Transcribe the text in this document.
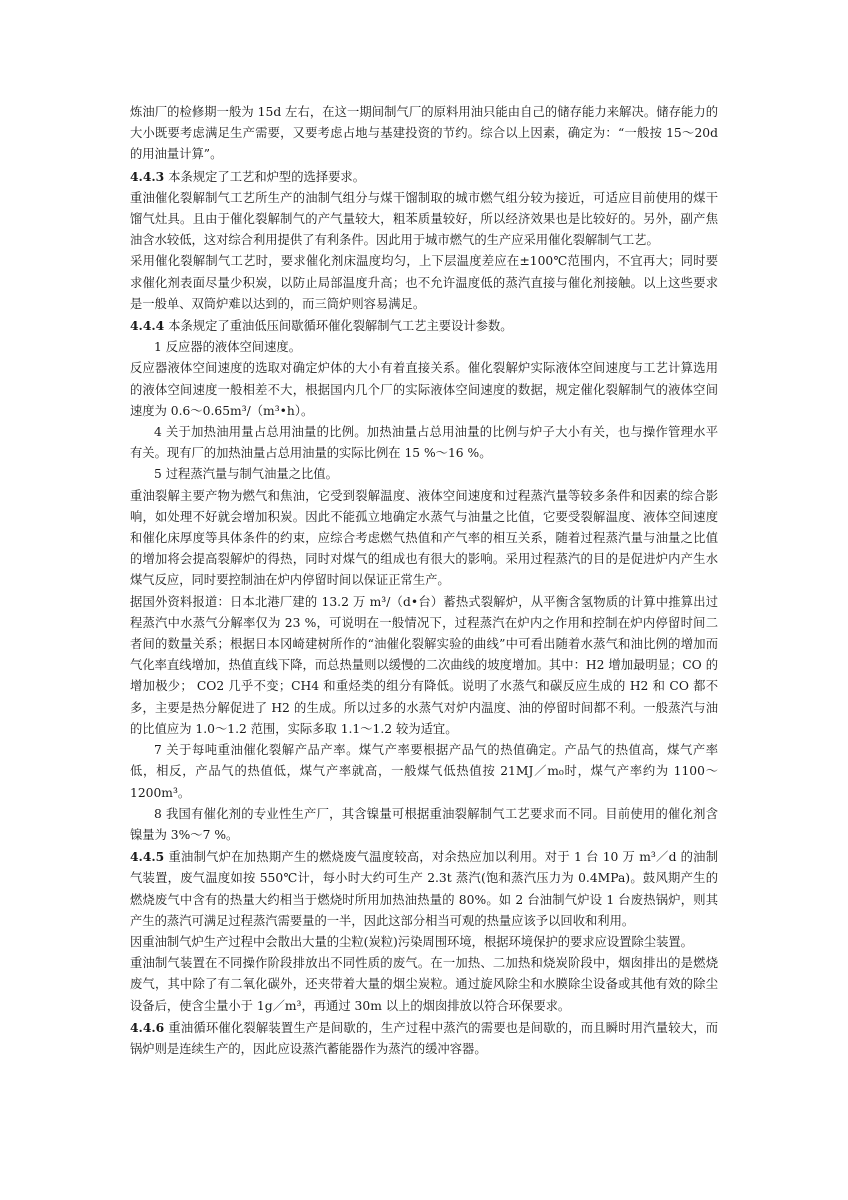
炼油厂的检修期一般为 15d 左右，在这一期间制气厂的原料用油只能由自己的储存能力来解决。储存能力的大小既要考虑满足生产需要，又要考虑占地与基建投资的节约。综合以上因素，确定为：“一般按 15～20d 的用油量计算”。

4.4.3 本条规定了工艺和炉型的选择要求。

重油催化裂解制气工艺所生产的油制气组分与煤干馏制取的城市燃气组分较为接近，可适应目前使用的煤干馏气灶具。且由于催化裂解制气的产气量较大，粗苯质量较好，所以经济效果也是比较好的。另外，副产焦油含水较低，这对综合利用提供了有利条件。因此用于城市燃气的生产应采用催化裂解制气工艺。

采用催化裂解制气工艺时，要求催化剂床温度均匀，上下层温度差应在±100℃范围内，不宜再大；同时要求催化剂表面尽量少积炭，以防止局部温度升高；也不允许温度低的蒸汽直接与催化剂接触。以上这些要求是一般单、双筒炉难以达到的，而三筒炉则容易满足。

4.4.4 本条规定了重油低压间歇循环催化裂解制气工艺主要设计参数。

1 反应器的液体空间速度。

反应器液体空间速度的选取对确定炉体的大小有着直接关系。催化裂解炉实际液体空间速度与工艺计算选用的液体空间速度一般相差不大，根据国内几个厂的实际液体空间速度的数据，规定催化裂解制气的液体空间速度为 0.6～0.65m³/（m³•h）。

4 关于加热油用量占总用油量的比例。加热油量占总用油量的比例与炉子大小有关，也与操作管理水平有关。现有厂的加热油量占总用油量的实际比例在 15 %～16 %。

5 过程蒸汽量与制气油量之比值。

重油裂解主要产物为燃气和焦油，它受到裂解温度、液体空间速度和过程蒸汽量等较多条件和因素的综合影响，如处理不好就会增加积炭。因此不能孤立地确定水蒸气与油量之比值，它要受裂解温度、液体空间速度和催化床厚度等具体条件的约束，应综合考虑燃气热值和产气率的相互关系，随着过程蒸汽量与油量之比值的增加将会提高裂解炉的得热，同时对煤气的组成也有很大的影响。采用过程蒸汽的目的是促进炉内产生水煤气反应，同时要控制油在炉内停留时间以保证正常生产。

据国外资料报道：日本北港厂建的 13.2 万 m³/（d•台）蓄热式裂解炉，从平衡含氢物质的计算中推算出过程蒸汽中水蒸气分解率仅为 23 %，可说明在一般情况下，过程蒸汽在炉内之作用和控制在炉内停留时间二者间的数量关系；根据日本冈崎建树所作的“油催化裂解实验的曲线”中可看出随着水蒸气和油比例的增加而气化率直线增加，热值直线下降，而总热量则以缓慢的二次曲线的坡度增加。其中：H2 增加最明显；CO 的增加极少； CO2 几乎不变；CH4 和重烃类的组分有降低。说明了水蒸气和碳反应生成的 H2 和 CO 都不多，主要是热分解促进了 H2 的生成。所以过多的水蒸气对炉内温度、油的停留时间都不利。一般蒸汽与油的比值应为 1.0～1.2 范围，实际多取 1.1～1.2 较为适宜。

7 关于每吨重油催化裂解产品产率。煤气产率要根据产品气的热值确定。产品气的热值高，煤气产率低，相反，产品气的热值低，煤气产率就高，一般煤气低热值按 21MJ／m₀时，煤气产率约为 1100～1200m³。

8 我国有催化剂的专业性生产厂，其含镍量可根据重油裂解制气工艺要求而不同。目前使用的催化剂含镍量为 3%～7 %。

4.4.5 重油制气炉在加热期产生的燃烧废气温度较高，对余热应加以利用。对于 1 台 10 万 m³／d 的油制气装置，废气温度如按 550℃计，每小时大约可生产 2.3t 蒸汽(饱和蒸汽压力为 0.4MPa)。鼓风期产生的燃烧废气中含有的热量大约相当于燃烧时所用加热油热量的 80%。如 2 台油制气炉设 1 台废热锅炉，则其产生的蒸汽可满足过程蒸汽需要量的一半，因此这部分相当可观的热量应该予以回收和利用。

因重油制气炉生产过程中会散出大量的尘粒(炭粒)污染周围环境，根据环境保护的要求应设置除尘装置。

重油制气装置在不同操作阶段排放出不同性质的废气。在一加热、二加热和烧炭阶段中，烟囱排出的是燃烧废气，其中除了有二氧化碳外，还夹带着大量的烟尘炭粒。通过旋风除尘和水膜除尘设备或其他有效的除尘设备后，使含尘量小于 1g／m³，再通过 30m 以上的烟囱排放以符合环保要求。

4.4.6 重油循环催化裂解装置生产是间歇的，生产过程中蒸汽的需要也是间歇的，而且瞬时用汽量较大，而锅炉则是连续生产的，因此应设蒸汽蓄能器作为蒸汽的缓冲容器。
